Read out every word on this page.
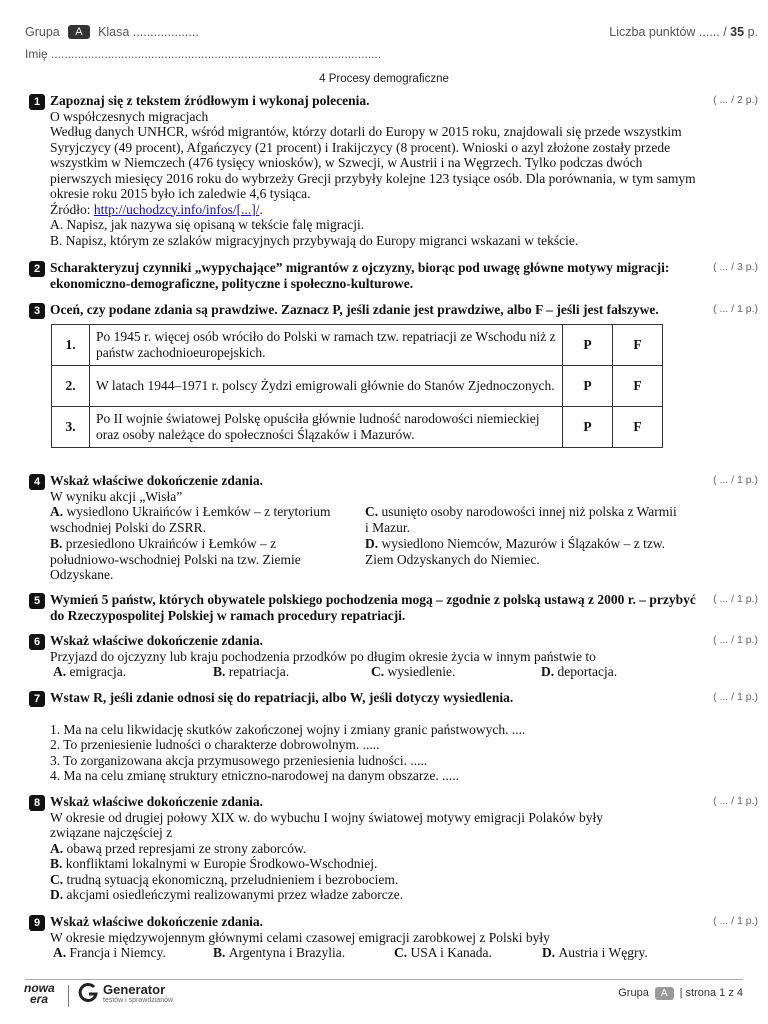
Grupa A Klasa ...................	Liczba punktów ...... / 35 p.
Imię ...................................................................................................
4 Procesy demograficzne
1 Zapoznaj się z tekstem źródłowym i wykonaj polecenia.
O współczesnych migracjach
Według danych UNHCR, wśród migrantów, którzy dotarli do Europy w 2015 roku, znajdowali się przede wszystkim Syryjczycy (49 procent), Afgańczycy (21 procent) i Irakijczycy (8 procent). Wnioski o azyl złożone zostały przede wszystkim w Niemczech (476 tysięcy wniosków), w Szwecji, w Austrii i na Węgrzech. Tylko podczas dwóch pierwszych miesięcy 2016 roku do wybrzeży Grecji przybyły kolejne 123 tysiące osób. Dla porównania, w tym samym okresie roku 2015 było ich zaledwie 4,6 tysiąca.
Źródło: http://uchodzcy.info/infos/[...]/.
A. Napisz, jak nazywa się opisaną w tekście falę migracji.
B. Napisz, którym ze szlaków migracyjnych przybywają do Europy migranci wskazani w tekście.
( ... / 2 p.)
2 Scharakteryzuj czynniki „wypychające” migrantów z ojczyzny, biorąc pod uwagę główne motywy migracji: ekonomiczno-demograficzne, polityczne i społeczno-kulturowe.
( ... / 3 p.)
3 Oceń, czy podane zdania są prawdziwe. Zaznacz P, jeśli zdanie jest prawdziwe, albo F – jeśli jest fałszywe.
1.	Po 1945 r. więcej osób wróciło do Polski w ramach tzw. repatriacji ze Wschodu niż z państw zachodnioeuropejskich.	P	F
2.	W latach 1944–1971 r. polscy Żydzi emigrowali głównie do Stanów Zjednoczonych.	P	F
3.	Po II wojnie światowej Polskę opuściła głównie ludność narodowości niemieckiej oraz osoby należące do społeczności Ślązaków i Mazurów.	P	F
( ... / 1 p.)
4 Wskaż właściwe dokończenie zdania.
W wyniku akcji „Wisła”
A. wysiedlono Ukraińców i Łemków – z terytorium wschodniej Polski do ZSRR.
B. przesiedlono Ukraińców i Łemków – z południowo-wschodniej Polski na tzw. Ziemie Odzyskane.
C. usunięto osoby narodowości innej niż polska z Warmii i Mazur.
D. wysiedlono Niemców, Mazurów i Ślązaków – z tzw. Ziem Odzyskanych do Niemiec.
( ... / 1 p.)
5 Wymień 5 państw, których obywatele polskiego pochodzenia mogą – zgodnie z polską ustawą z 2000 r. – przybyć do Rzeczypospolitej Polskiej w ramach procedury repatriacji.
( ... / 1 p.)
6 Wskaż właściwe dokończenie zdania.
Przyjazd do ojczyzny lub kraju pochodzenia przodków po długim okresie życia w innym państwie to
A. emigracja.	B. repatriacja.	C. wysiedlenie.	D. deportacja.
( ... / 1 p.)
7 Wstaw R, jeśli zdanie odnosi się do repatriacji, albo W, jeśli dotyczy wysiedlenia.
1. Ma na celu likwidację skutków zakończonej wojny i zmiany granic państwowych. ....
2. To przeniesienie ludności o charakterze dobrowolnym. .....
3. To zorganizowana akcja przymusowego przeniesienia ludności. .....
4. Ma na celu zmianę struktury etniczno-narodowej na danym obszarze. .....
( ... / 1 p.)
8 Wskaż właściwe dokończenie zdania.
W okresie od drugiej połowy XIX w. do wybuchu I wojny światowej motywy emigracji Polaków były związane najczęściej z
A. obawą przed represjami ze strony zaborców.
B. konfliktami lokalnymi w Europie Środkowo-Wschodniej.
C. trudną sytuacją ekonomiczną, przeludnieniem i bezrobociem.
D. akcjami osiedleńczymi realizowanymi przez władze zaborcze.
( ... / 1 p.)
9 Wskaż właściwe dokończenie zdania.
W okresie międzywojennym głównymi celami czasowej emigracji zarobkowej z Polski były
A. Francja i Niemcy.	B. Argentyna i Brazylia.	C. USA i Kanada.	D. Austria i Węgry.
( ... / 1 p.)
nowa
era
Generator
testów i sprawdzianów
Grupa A | strona 1 z 4
